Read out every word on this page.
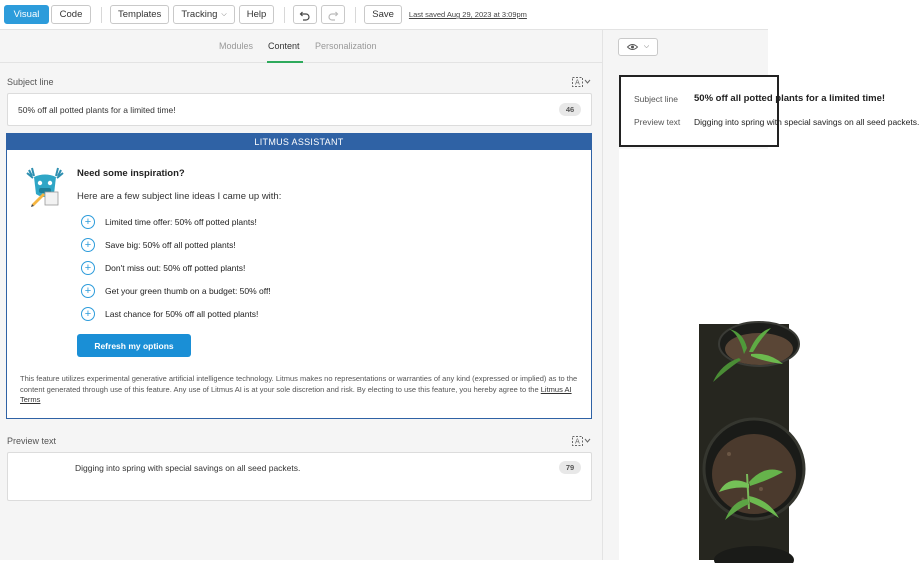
Visual	Code	Templates	Tracking ⌵	Help	Save	Last saved Aug 29, 2023 at 3:09pm
Modules Content Personalization
Subject line	A
50% off all potted plants for a limited time!	46
LITMUS ASSISTANT
Need some inspiration?
Here are a few subject line ideas I came up with:
+	Limited time offer: 50% off potted plants!
+	Save big: 50% off all potted plants!
+	Don't miss out: 50% off potted plants!
+	Get your green thumb on a budget: 50% off!
+	Last chance for 50% off all potted plants!
Refresh my options
This feature utilizes experimental generative artificial intelligence technology. Litmus makes no representations or warranties of any kind (expressed or implied) as to the content generated through use of this feature. Any use of Litmus AI is at your sole discretion and risk. By electing to use this feature, you hereby agree to the Litmus AI Terms
Preview text	A
Digging into spring with special savings on all seed packets.	79
⌵
Subject line 50% off all potted plants for a limited time!
Preview text Digging into spring with special savings on all seed packets.
